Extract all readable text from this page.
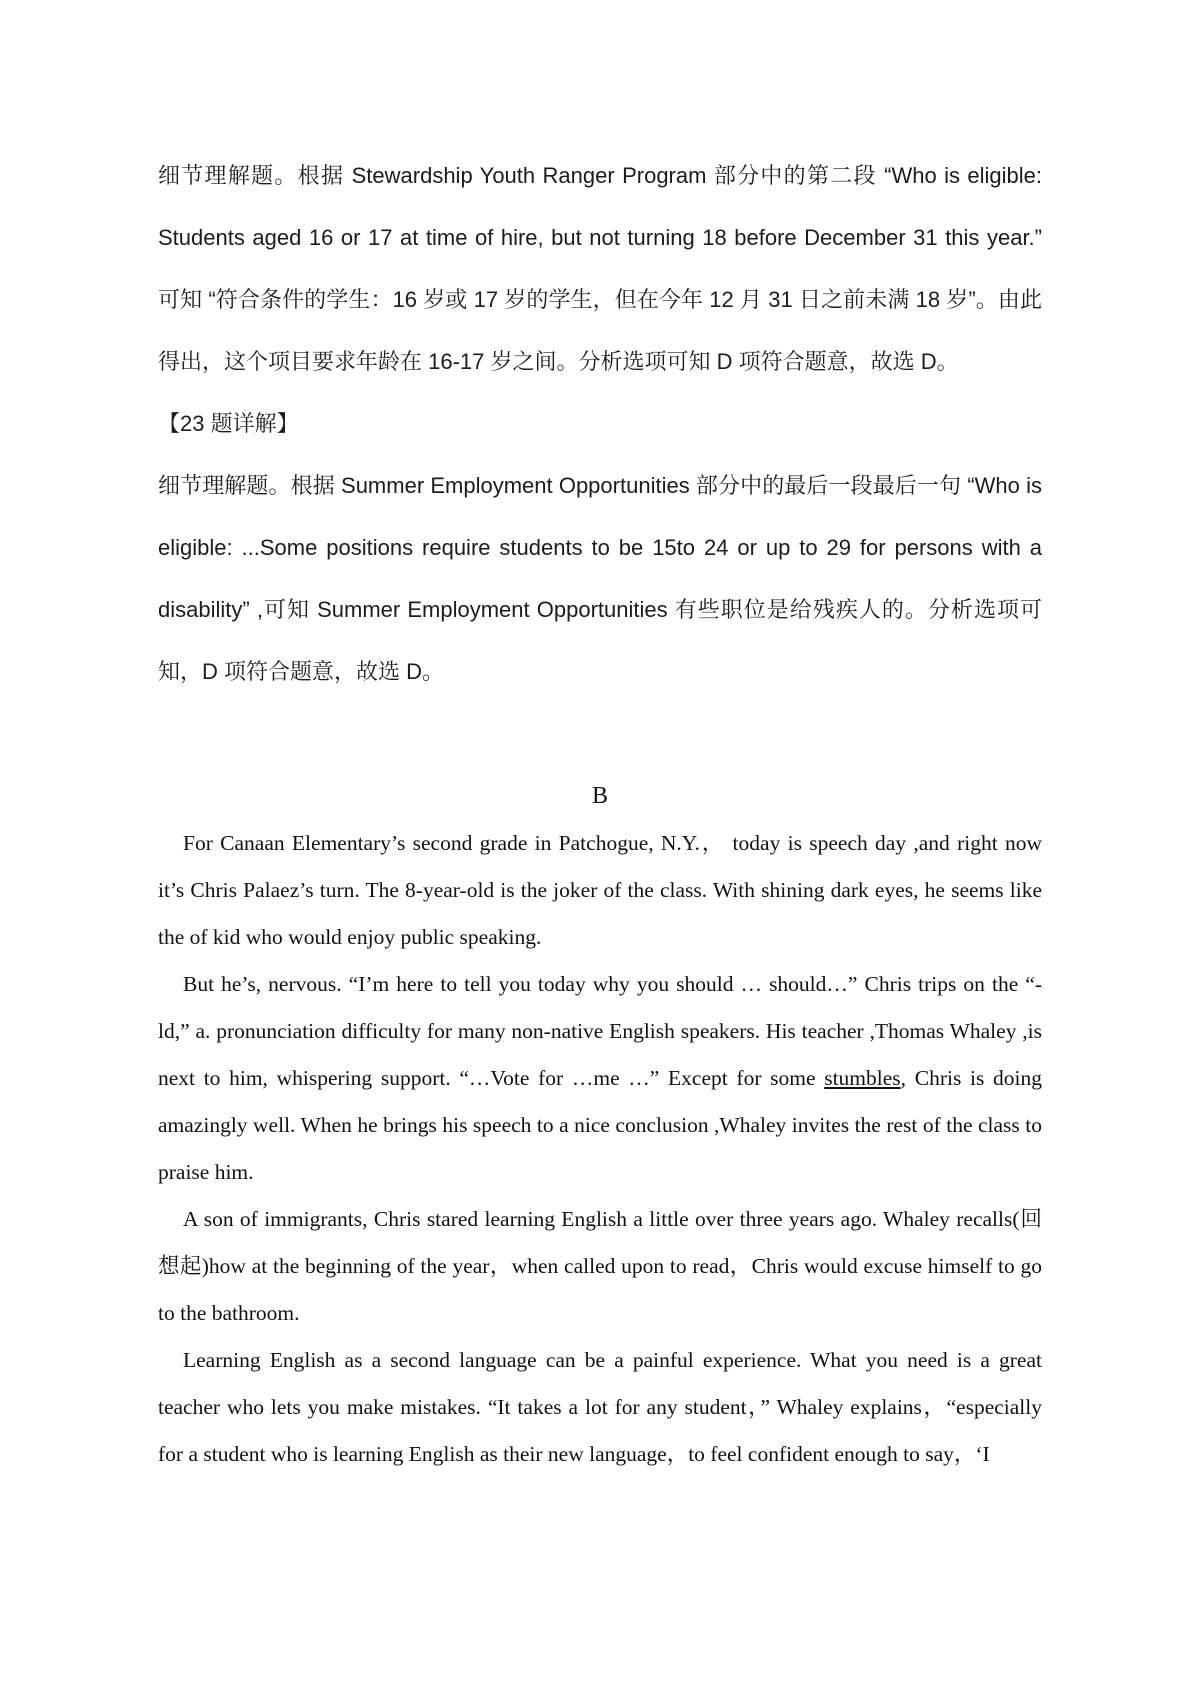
细节理解题。根据 Stewardship Youth Ranger Program 部分中的第二段 “Who is eligible: Students aged 16 or 17 at time of hire, but not turning 18 before December 31 this year.” 可知 “符合条件的学生：16 岁或 17 岁的学生，但在今年 12 月 31 日之前未满 18 岁”。由此得出，这个项目要求年龄在 16-17 岁之间。分析选项可知 D 项符合题意，故选 D。

【23 题详解】

细节理解题。根据 Summer Employment Opportunities 部分中的最后一段最后一句 “Who is eligible: ...Some positions require students to be 15to 24 or up to 29 for persons with a disability” ,可知 Summer Employment Opportunities 有些职位是给残疾人的。分析选项可知，D 项符合题意，故选 D。

B

For Canaan Elementary’s second grade in Patchogue, N.Y.， today is speech day ,and right now it’s Chris Palaez’s turn. The 8-year-old is the joker of the class. With shining dark eyes, he seems like the of kid who would enjoy public speaking.

But he’s, nervous. “I’m here to tell you today why you should … should…” Chris trips on the “-ld,” a. pronunciation difficulty for many non-native English speakers. His teacher ,Thomas Whaley ,is next to him, whispering support. “…Vote for …me …” Except for some stumbles, Chris is doing amazingly well. When he brings his speech to a nice conclusion ,Whaley invites the rest of the class to praise him.

A son of immigrants, Chris stared learning English a little over three years ago. Whaley recalls(回想起)how at the beginning of the year，when called upon to read，Chris would excuse himself to go to the bathroom.

Learning English as a second language can be a painful experience. What you need is a great teacher who lets you make mistakes. “It takes a lot for any student，” Whaley explains，“especially for a student who is learning English as their new language，to feel confident enough to say，‘I
